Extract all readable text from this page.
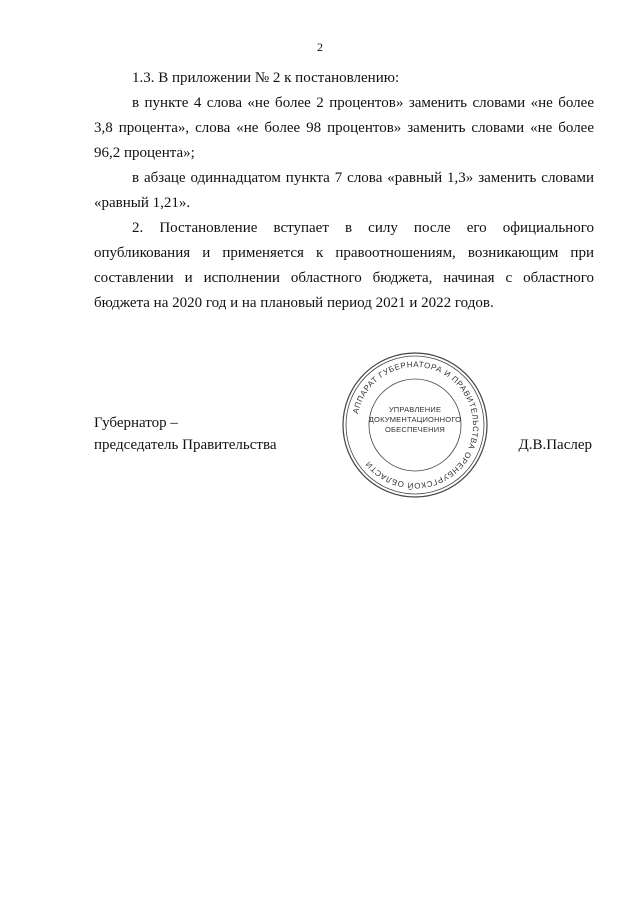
2

1.3. В приложении № 2 к постановлению:

в пункте 4 слова «не более 2 процентов» заменить словами «не более 3,8 процента», слова «не более 98 процентов» заменить словами «не более 96,2 процента»;

в абзаце одиннадцатом пункта 7 слова «равный 1,3» заменить словами «равный 1,21».

2. Постановление вступает в силу после его официального опубликования и применяется к правоотношениям, возникающим при составлении и исполнении областного бюджета, начиная с областного бюджета на 2020 год и на плановый период 2021 и 2022 годов.

Губернатор –
председатель Правительства	Д.В.Паслер
АППАРАТ ГУБЕРНАТОРА И ПРАВИТЕЛЬСТВА ОРЕНБУРГСКОЙ ОБЛАСТИ
УПРАВЛЕНИЕ
ДОКУМЕНТАЦИОННОГО
ОБЕСПЕЧЕНИЯ
